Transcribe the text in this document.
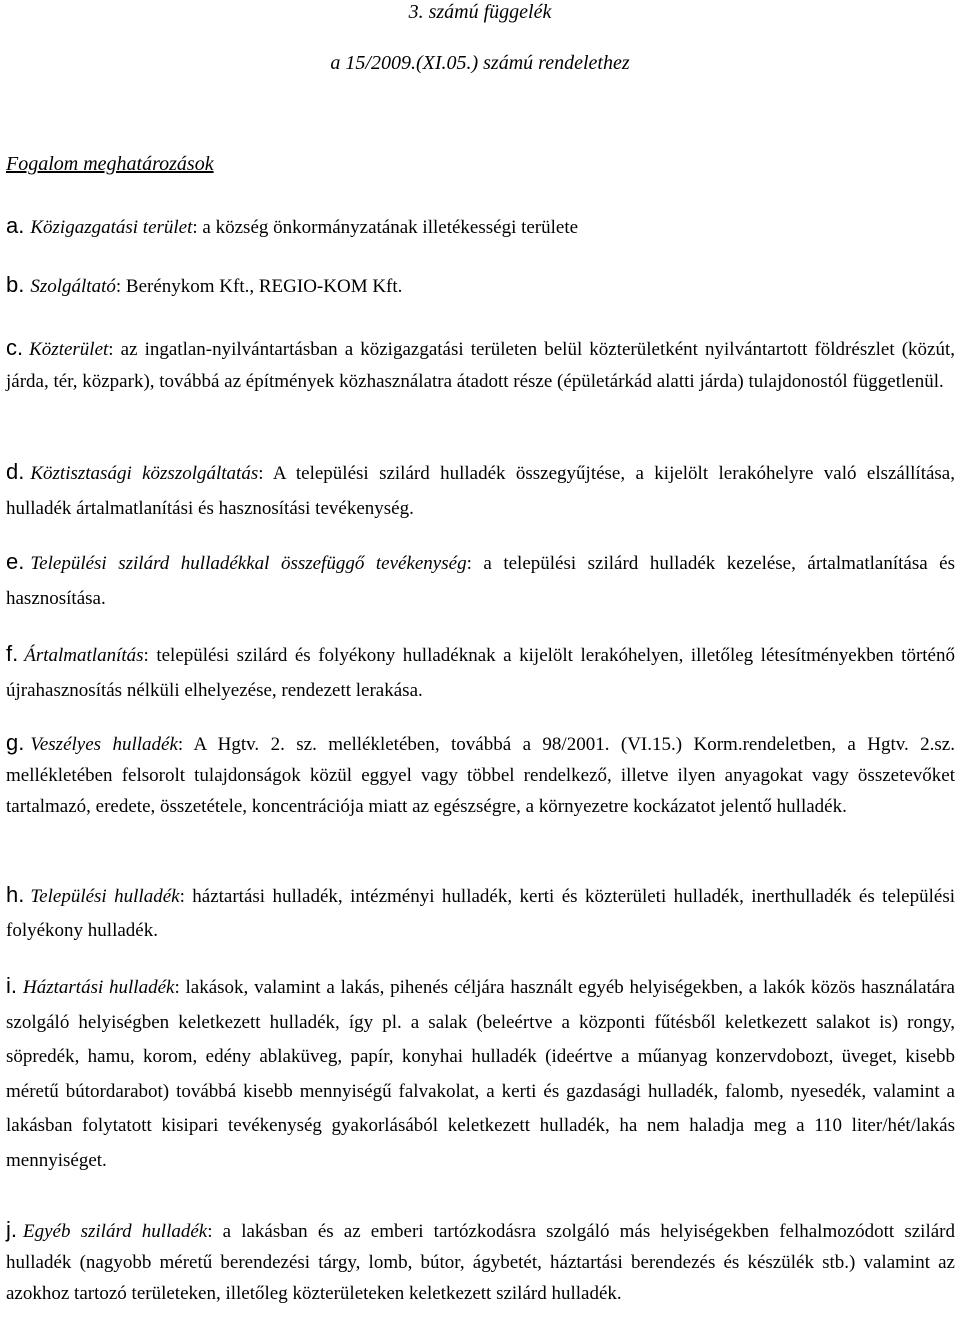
3. számú függelék
a 15/2009.(XI.05.) számú rendelethez
Fogalom meghatározások
a. Közigazgatási terület: a község önkormányzatának illetékességi területe
b. Szolgáltató: Berénykom Kft., REGIO-KOM Kft.
c. Közterület: az ingatlan-nyilvántartásban a közigazgatási területen belül közterületként nyilvántartott földrészlet (közút, járda, tér, közpark), továbbá az építmények közhasználatra átadott része (épületárkád alatti járda) tulajdonostól függetlenül.
d. Köztisztasági közszolgáltatás: A települési szilárd hulladék összegyűjtése, a kijelölt lerakóhelyre való elszállítása, hulladék ártalmatlanítási és hasznosítási tevékenység.
e. Települési szilárd hulladékkal összefüggő tevékenység: a települési szilárd hulladék kezelése, ártalmatlanítása és hasznosítása.
f. Ártalmatlanítás: települési szilárd és folyékony hulladéknak a kijelölt lerakóhelyen, illetőleg létesítményekben történő újrahasznosítás nélküli elhelyezése, rendezett lerakása.
g. Veszélyes hulladék: A Hgtv. 2. sz. mellékletében, továbbá a 98/2001. (VI.15.) Korm.rendeletben, a Hgtv. 2.sz. mellékletében felsorolt tulajdonságok közül eggyel vagy többel rendelkező, illetve ilyen anyagokat vagy összetevőket tartalmazó, eredete, összetétele, koncentrációja miatt az egészségre, a környezetre kockázatot jelentő hulladék.
h. Települési hulladék: háztartási hulladék, intézményi hulladék, kerti és közterületi hulladék, inerthulladék és települési folyékony hulladék.
i. Háztartási hulladék: lakások, valamint a lakás, pihenés céljára használt egyéb helyiségekben, a lakók közös használatára szolgáló helyiségben keletkezett hulladék, így pl. a salak (beleértve a központi fűtésből keletkezett salakot is) rongy, söpredék, hamu, korom, edény ablaküveg, papír, konyhai hulladék (ideértve a műanyag konzervdobozt, üveget, kisebb méretű bútordarabot) továbbá kisebb mennyiségű falvakolat, a kerti és gazdasági hulladék, falomb, nyesedék, valamint a lakásban folytatott kisipari tevékenység gyakorlásából keletkezett hulladék, ha nem haladja meg a 110 liter/hét/lakás mennyiséget.
j. Egyéb szilárd hulladék: a lakásban és az emberi tartózkodásra szolgáló más helyiségekben felhalmozódott szilárd hulladék (nagyobb méretű berendezési tárgy, lomb, bútor, ágybetét, háztartási berendezés és készülék stb.) valamint az azokhoz tartozó területeken, illetőleg közterületeken keletkezett szilárd hulladék.
